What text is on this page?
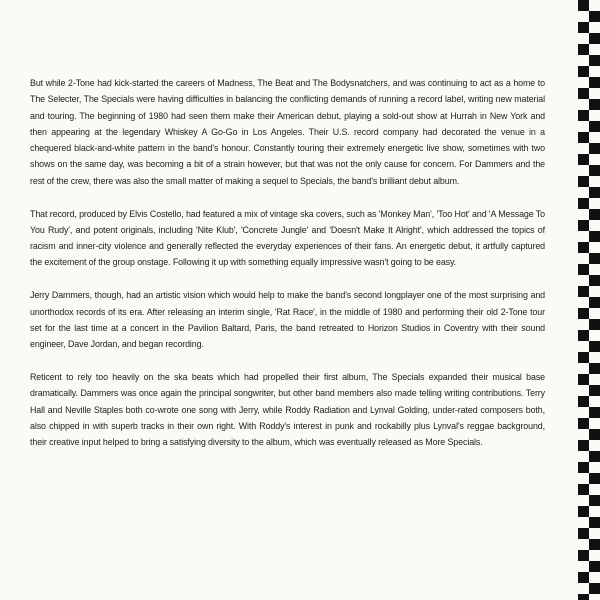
But while 2-Tone had kick-started the careers of Madness, The Beat and The Bodysnatchers, and was continuing to act as a home to The Selecter, The Specials were having difficulties in balancing the conflicting demands of running a record label, writing new material and touring. The beginning of 1980 had seen them make their American debut, playing a sold-out show at Hurrah in New York and then appearing at the legendary Whiskey A Go-Go in Los Angeles. Their U.S. record company had decorated the venue in a chequered black-and-white pattern in the band's honour. Constantly touring their extremely energetic live show, sometimes with two shows on the same day, was becoming a bit of a strain however, but that was not the only cause for concern. For Dammers and the rest of the crew, there was also the small matter of making a sequel to Specials, the band's brilliant debut album.

That record, produced by Elvis Costello, had featured a mix of vintage ska covers, such as 'Monkey Man', 'Too Hot' and 'A Message To You Rudy', and potent originals, including 'Nite Klub', 'Concrete Jungle' and 'Doesn't Make It Alright', which addressed the topics of racism and inner-city violence and generally reflected the everyday experiences of their fans. An energetic debut, it artfully captured the excitement of the group onstage. Following it up with something equally impressive wasn't going to be easy.

Jerry Dammers, though, had an artistic vision which would help to make the band's second longplayer one of the most surprising and unorthodox records of its era. After releasing an interim single, 'Rat Race', in the middle of 1980 and performing their old 2-Tone tour set for the last time at a concert in the Pavilion Baltard, Paris, the band retreated to Horizon Studios in Coventry with their sound engineer, Dave Jordan, and began recording.

Reticent to rely too heavily on the ska beats which had propelled their first album, The Specials expanded their musical base dramatically. Dammers was once again the principal songwriter, but other band members also made telling writing contributions. Terry Hall and Neville Staples both co-wrote one song with Jerry, while Roddy Radiation and Lynval Golding, under-rated composers both, also chipped in with superb tracks in their own right. With Roddy's interest in punk and rockabilly plus Lynval's reggae background, their creative input helped to bring a satisfying diversity to the album, which was eventually released as More Specials.
